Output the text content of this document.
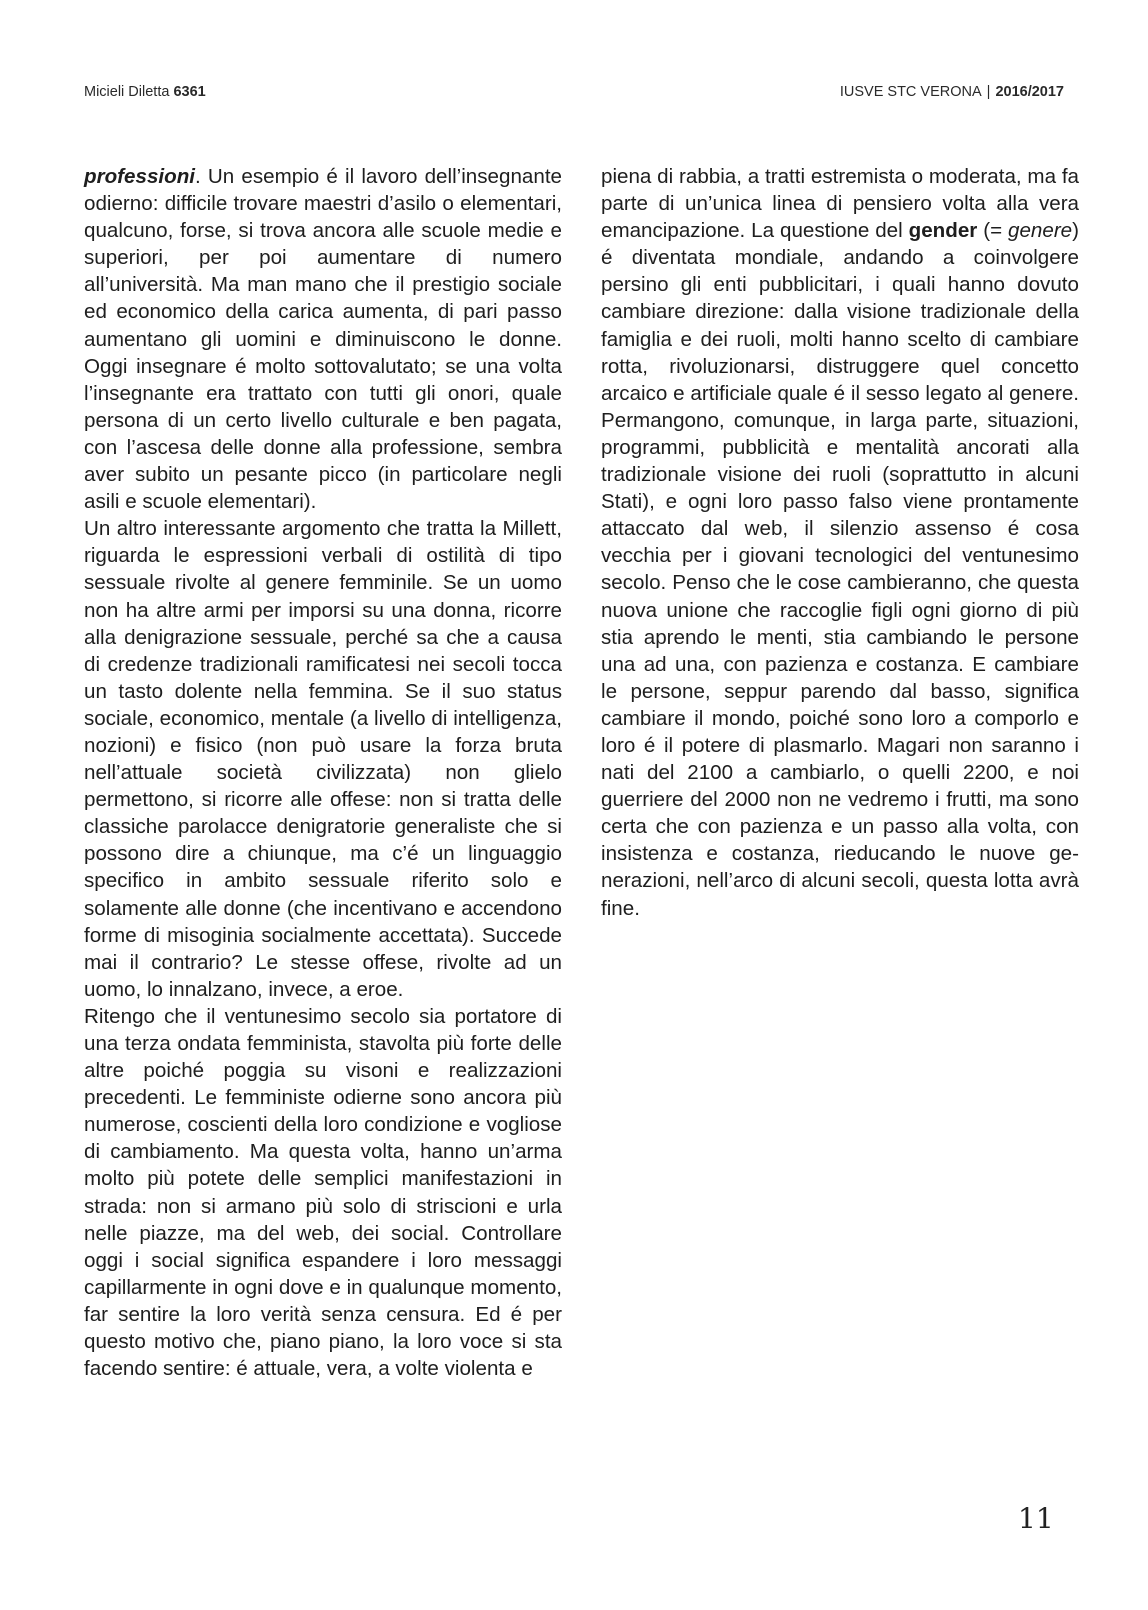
Micieli Diletta 6361	IUSVE STC VERONA | 2016/2017

professioni. Un esempio é il lavoro dell’insegnante odierno: difficile trovare maestri d’asilo o elementari, qualcuno, forse, si trova ancora alle scuole medie e superiori, per poi aumentare di numero all’università. Ma man mano che il prestigio sociale ed economico della carica aumenta, di pari passo aumentano gli uomini e diminuiscono le donne. Oggi insegnare é molto sottovalutato; se una volta l’insegnante era trattato con tutti gli onori, quale persona di un certo livello culturale e ben pagata, con l’ascesa delle donne alla professione, sembra aver subito un pesante picco (in particolare negli asili e scuole elementari).

Un altro interessante argomento che tratta la Millett, riguarda le espressioni verbali di ostilità di tipo sessuale rivolte al genere femminile. Se un uomo non ha altre armi per imporsi su una donna, ricorre alla denigrazione sessuale, perché sa che a causa di credenze tradizionali ramificatesi nei secoli tocca un tasto dolente nella femmina. Se il suo status sociale, economico, mentale (a livello di intelligenza, nozioni) e fisico (non può usare la forza bruta nell’attuale società civilizzata) non glielo permettono, si ricorre alle offese: non si tratta delle classiche parolacce denigratorie generaliste che si possono dire a chiunque, ma c’é un linguaggio specifico in ambito sessuale riferito solo e solamente alle donne (che incentivano e accendono forme di misoginia socialmente accettata). Succede mai il contrario? Le stesse offese, rivolte ad un uomo, lo innalzano, invece, a eroe.

Ritengo che il ventunesimo secolo sia portatore di una terza ondata femminista, stavolta più forte delle altre poiché poggia su visoni e realizzazioni precedenti. Le femministe odierne sono ancora più numerose, coscienti della loro condizione e vogliose di cambiamento. Ma questa volta, hanno un’arma molto più potete delle semplici manifestazioni in strada: non si armano più solo di striscioni e urla nelle piazze, ma del web, dei social. Controllare oggi i social significa espandere i loro messaggi capillarmente in ogni dove e in qualunque momento, far sentire la loro verità senza censura. Ed é per questo motivo che, piano piano, la loro voce si sta facendo sentire: é attuale, vera, a volte violenta e

piena di rabbia, a tratti estremista o moderata, ma fa parte di un’unica linea di pensiero volta alla vera emancipazione. La questione del gender (= genere) é diventata mondiale, andando a coinvolgere persino gli enti pubblicitari, i quali hanno dovuto cambiare direzione: dalla visione tradizionale della famiglia e dei ruoli, molti hanno scelto di cambiare rotta, rivoluzionarsi, distruggere quel concetto arcaico e artificiale quale é il sesso legato al genere. Permangono, comunque, in larga parte, situazioni, programmi, pubblicità e mentalità ancorati alla tradizionale visione dei ruoli (soprattutto in alcuni Stati), e ogni loro passo falso viene prontamente attaccato dal web, il silenzio assenso é cosa vecchia per i giovani tecnologici del ventunesimo secolo. Penso che le cose cambieranno, che questa nuova unione che raccoglie figli ogni giorno di più stia aprendo le menti, stia cambiando le persone una ad una, con pazienza e costanza. E cambiare le persone, seppur parendo dal basso, significa cambiare il mondo, poiché sono loro a comporlo e loro é il potere di plasmarlo. Magari non saranno i nati del 2100 a cambiarlo, o quelli 2200, e noi guerriere del 2000 non ne vedremo i frutti, ma sono certa che con pazienza e un passo alla volta, con insistenza e costanza, rieducando le nuove generazioni, nell’arco di alcuni secoli, questa lotta avrà fine.

11
